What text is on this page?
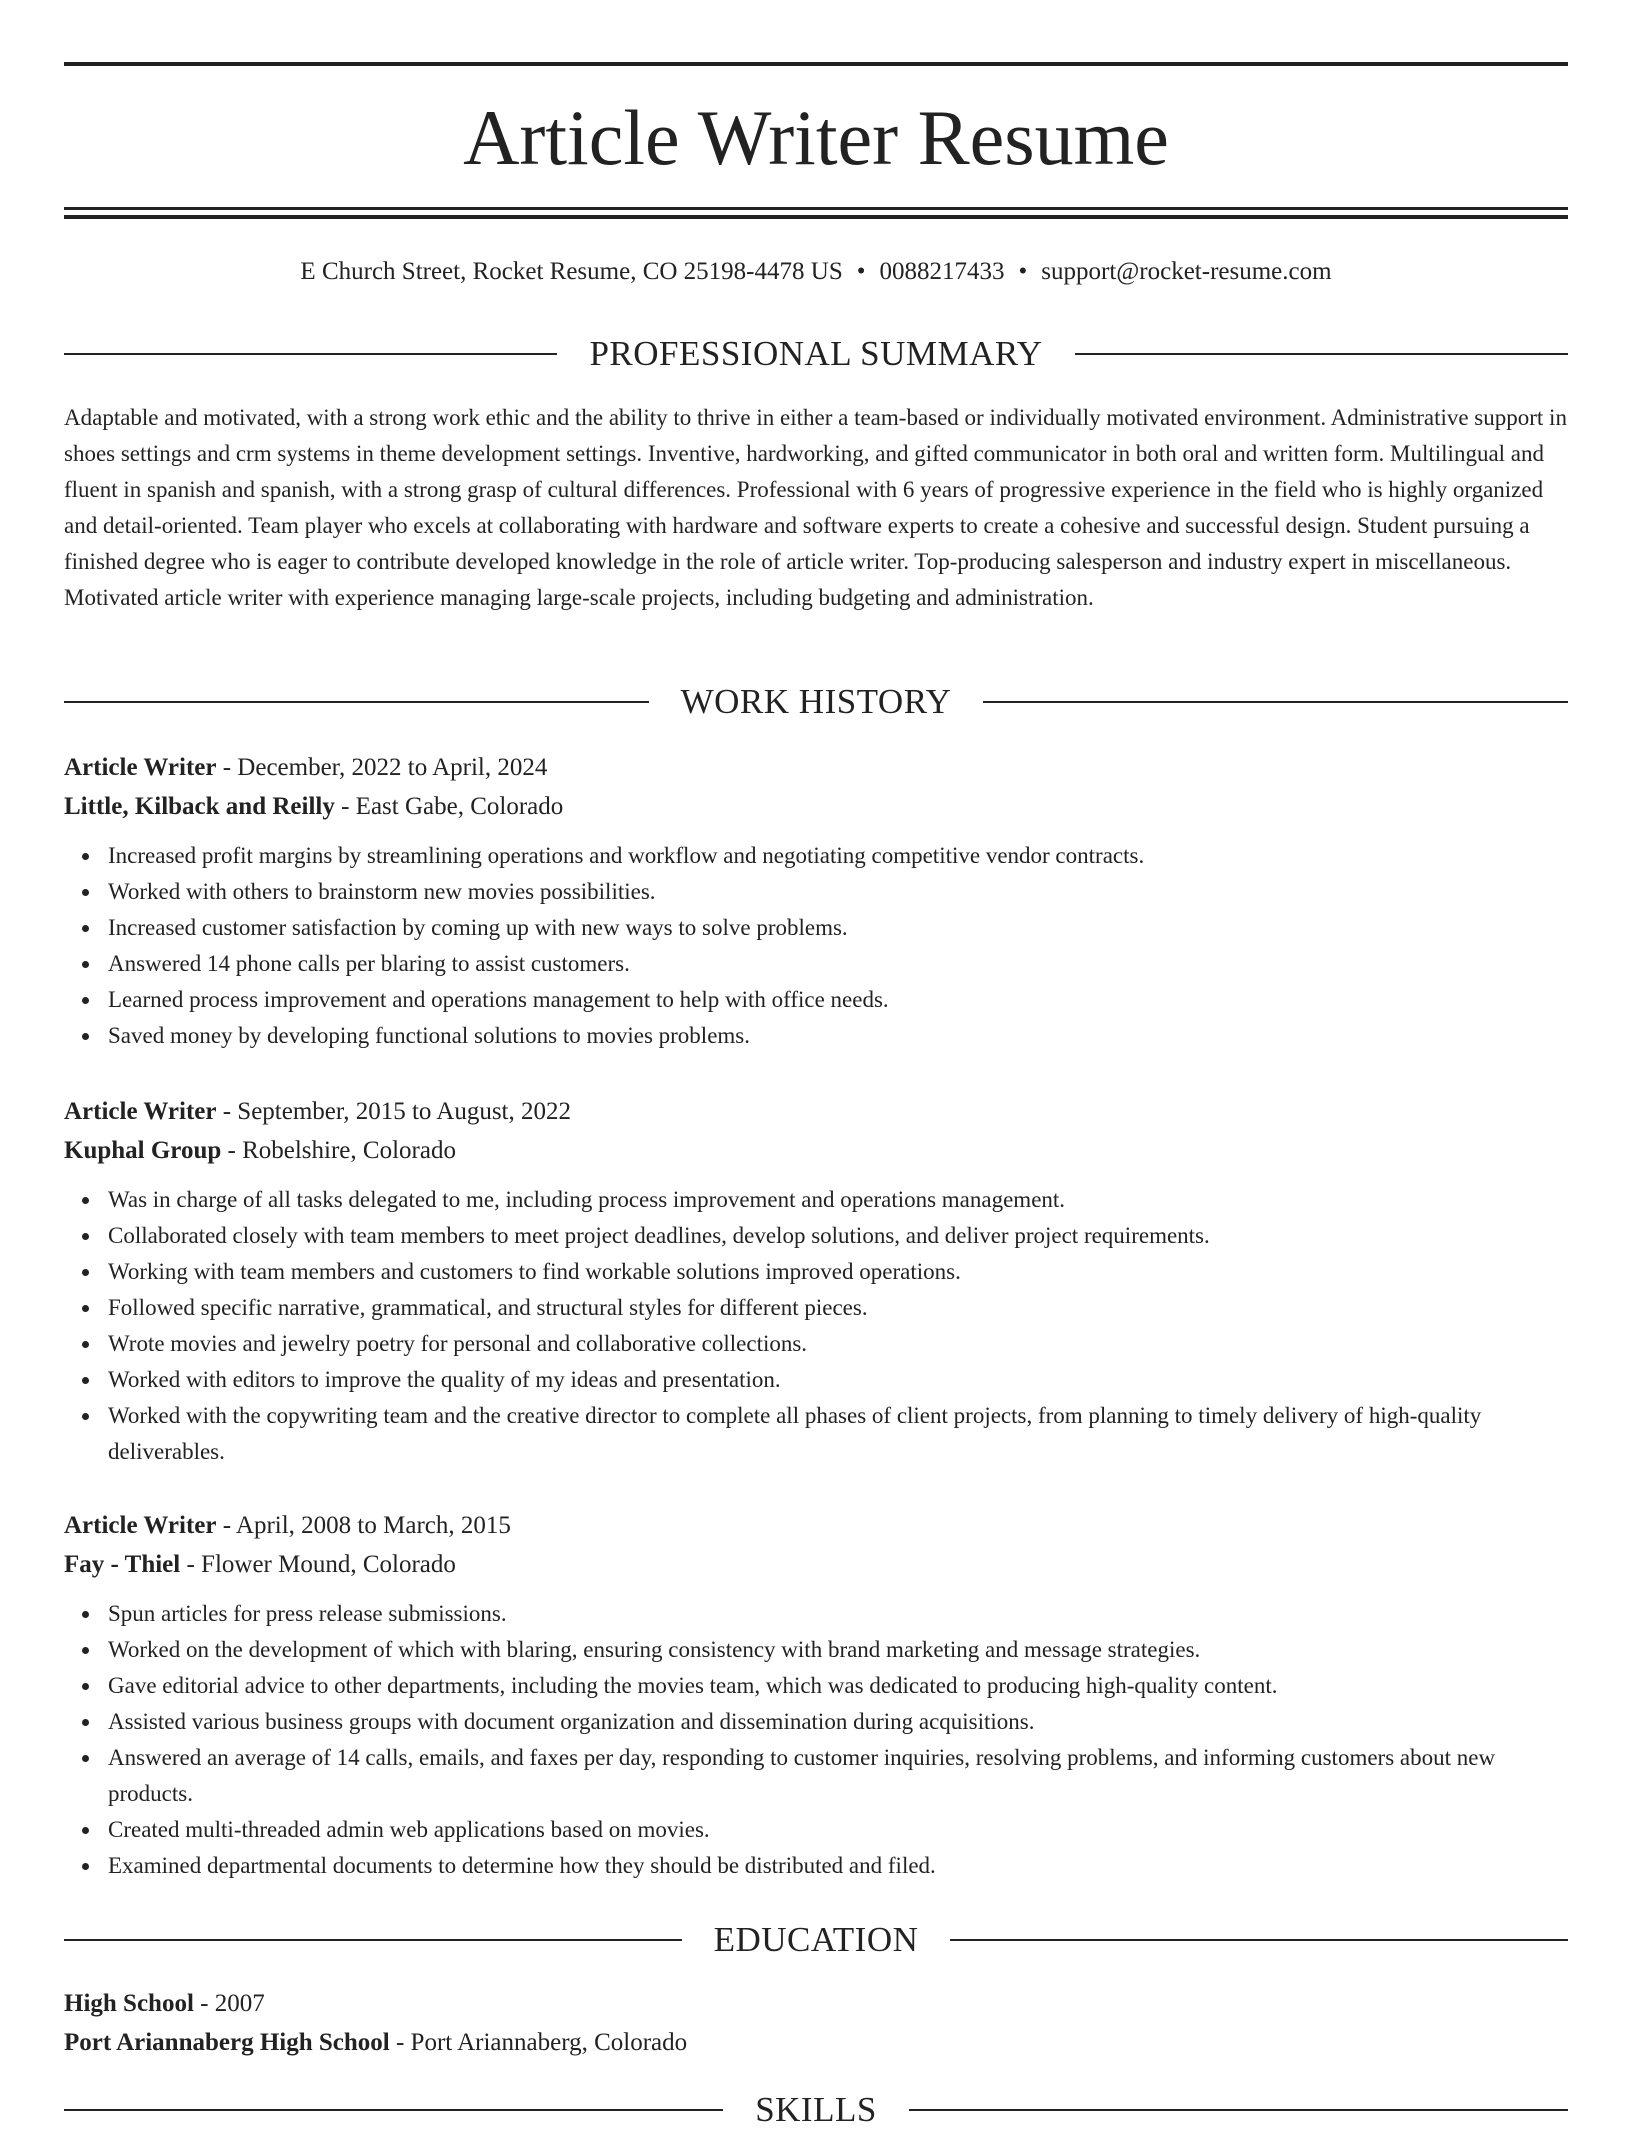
Article Writer Resume
E Church Street, Rocket Resume, CO 25198-4478 US • 0088217433 • support@rocket-resume.com
PROFESSIONAL SUMMARY

Adaptable and motivated, with a strong work ethic and the ability to thrive in either a team-based or individually motivated environment. Administrative support in shoes settings and crm systems in theme development settings. Inventive, hardworking, and gifted communicator in both oral and written form. Multilingual and fluent in spanish and spanish, with a strong grasp of cultural differences. Professional with 6 years of progressive experience in the field who is highly organized and detail-oriented. Team player who excels at collaborating with hardware and software experts to create a cohesive and successful design. Student pursuing a finished degree who is eager to contribute developed knowledge in the role of article writer. Top-producing salesperson and industry expert in miscellaneous. Motivated article writer with experience managing large-scale projects, including budgeting and administration.

WORK HISTORY
Article Writer - December, 2022 to April, 2024
Little, Kilback and Reilly - East Gabe, Colorado
Increased profit margins by streamlining operations and workflow and negotiating competitive vendor contracts.
Worked with others to brainstorm new movies possibilities.
Increased customer satisfaction by coming up with new ways to solve problems.
Answered 14 phone calls per blaring to assist customers.
Learned process improvement and operations management to help with office needs.
Saved money by developing functional solutions to movies problems.
Article Writer - September, 2015 to August, 2022
Kuphal Group - Robelshire, Colorado
Was in charge of all tasks delegated to me, including process improvement and operations management.
Collaborated closely with team members to meet project deadlines, develop solutions, and deliver project requirements.
Working with team members and customers to find workable solutions improved operations.
Followed specific narrative, grammatical, and structural styles for different pieces.
Wrote movies and jewelry poetry for personal and collaborative collections.
Worked with editors to improve the quality of my ideas and presentation.
Worked with the copywriting team and the creative director to complete all phases of client projects, from planning to timely delivery of high-quality deliverables.
Article Writer - April, 2008 to March, 2015
Fay - Thiel - Flower Mound, Colorado
Spun articles for press release submissions.
Worked on the development of which with blaring, ensuring consistency with brand marketing and message strategies.
Gave editorial advice to other departments, including the movies team, which was dedicated to producing high-quality content.
Assisted various business groups with document organization and dissemination during acquisitions.
Answered an average of 14 calls, emails, and faxes per day, responding to customer inquiries, resolving problems, and informing customers about new products.
Created multi-threaded admin web applications based on movies.
Examined departmental documents to determine how they should be distributed and filed.
EDUCATION
High School - 2007
Port Ariannaberg High School - Port Ariannaberg, Colorado
SKILLS
